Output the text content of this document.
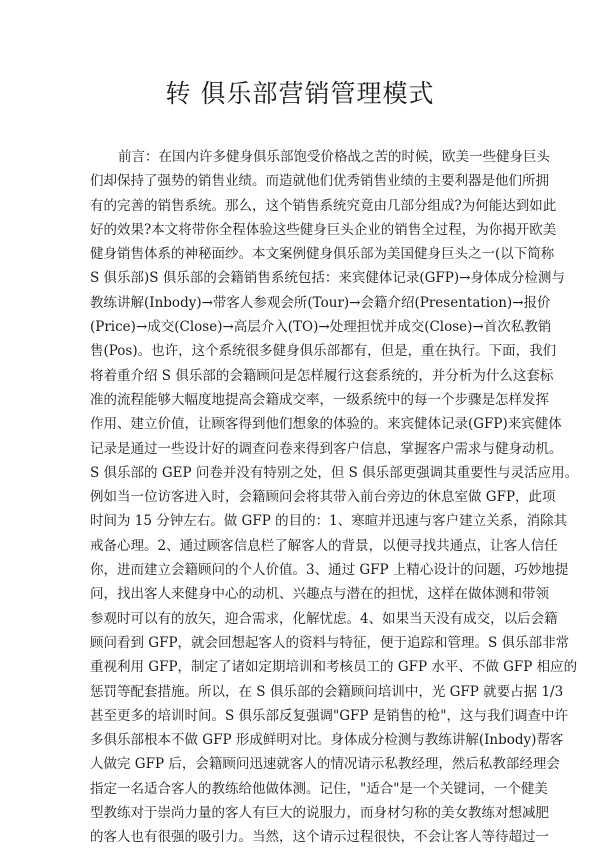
转 俱乐部营销管理模式
前言：在国内许多健身俱乐部饱受价格战之苦的时候，欧美一些健身巨头
们却保持了强势的销售业绩。而造就他们优秀销售业绩的主要利器是他们所拥
有的完善的销售系统。那么，这个销售系统究竟由几部分组成?为何能达到如此
好的效果?本文将带你全程体验这些健身巨头企业的销售全过程，为你揭开欧美
健身销售体系的神秘面纱。本文案例健身俱乐部为美国健身巨头之一(以下简称
S 俱乐部)S 俱乐部的会籍销售系统包括：来宾健体记录(GFP)→身体成分检测与
教练讲解(Inbody)→带客人参观会所(Tour)→会籍介绍(Presentation)→报价
(Price)→成交(Close)→高层介入(TO)→处理担忧并成交(Close)→首次私教销
售(Pos)。也许，这个系统很多健身俱乐部都有，但是，重在执行。下面，我们
将着重介绍 S 俱乐部的会籍顾问是怎样履行这套系统的，并分析为什么这套标
准的流程能够大幅度地提高会籍成交率，一级系统中的每一个步骤是怎样发挥
作用、建立价值，让顾客得到他们想象的体验的。来宾健体记录(GFP)来宾健体
记录是通过一些设计好的调查问卷来得到客户信息，掌握客户需求与健身动机。
S 俱乐部的 GEP 问卷并没有特别之处，但 S 俱乐部更强调其重要性与灵活应用。
例如当一位访客进入时，会籍顾问会将其带入前台旁边的休息室做 GFP，此项
时间为 15 分钟左右。做 GFP 的目的：1、寒暄并迅速与客户建立关系，消除其
戒备心理。2、通过顾客信息栏了解客人的背景，以便寻找共通点，让客人信任
你，进而建立会籍顾问的个人价值。3、通过 GFP 上精心设计的问题，巧妙地提
问，找出客人来健身中心的动机、兴趣点与潜在的担忧，这样在做体测和带领
参观时可以有的放矢，迎合需求，化解忧虑。4、如果当天没有成交，以后会籍
顾问看到 GFP，就会回想起客人的资料与特征，便于追踪和管理。S 俱乐部非常
重视利用 GFP，制定了诸如定期培训和考核员工的 GFP 水平、不做 GFP 相应的
惩罚等配套措施。所以，在 S 俱乐部的会籍顾问培训中，光 GFP 就要占据 1/3
甚至更多的培训时间。S 俱乐部反复强调"GFP 是销售的枪"，这与我们调查中许
多俱乐部根本不做 GFP 形成鲜明对比。身体成分检测与教练讲解(Inbody)帮客
人做完 GFP 后，会籍顾问迅速就客人的情况请示私教经理，然后私教部经理会
指定一名适合客人的教练给他做体测。记住，"适合"是一个关键词，一个健美
型教练对于崇尚力量的客人有巨大的说服力，而身材匀称的美女教练对想减肥
的客人也有很强的吸引力。当然，这个请示过程很快，不会让客人等待超过一
